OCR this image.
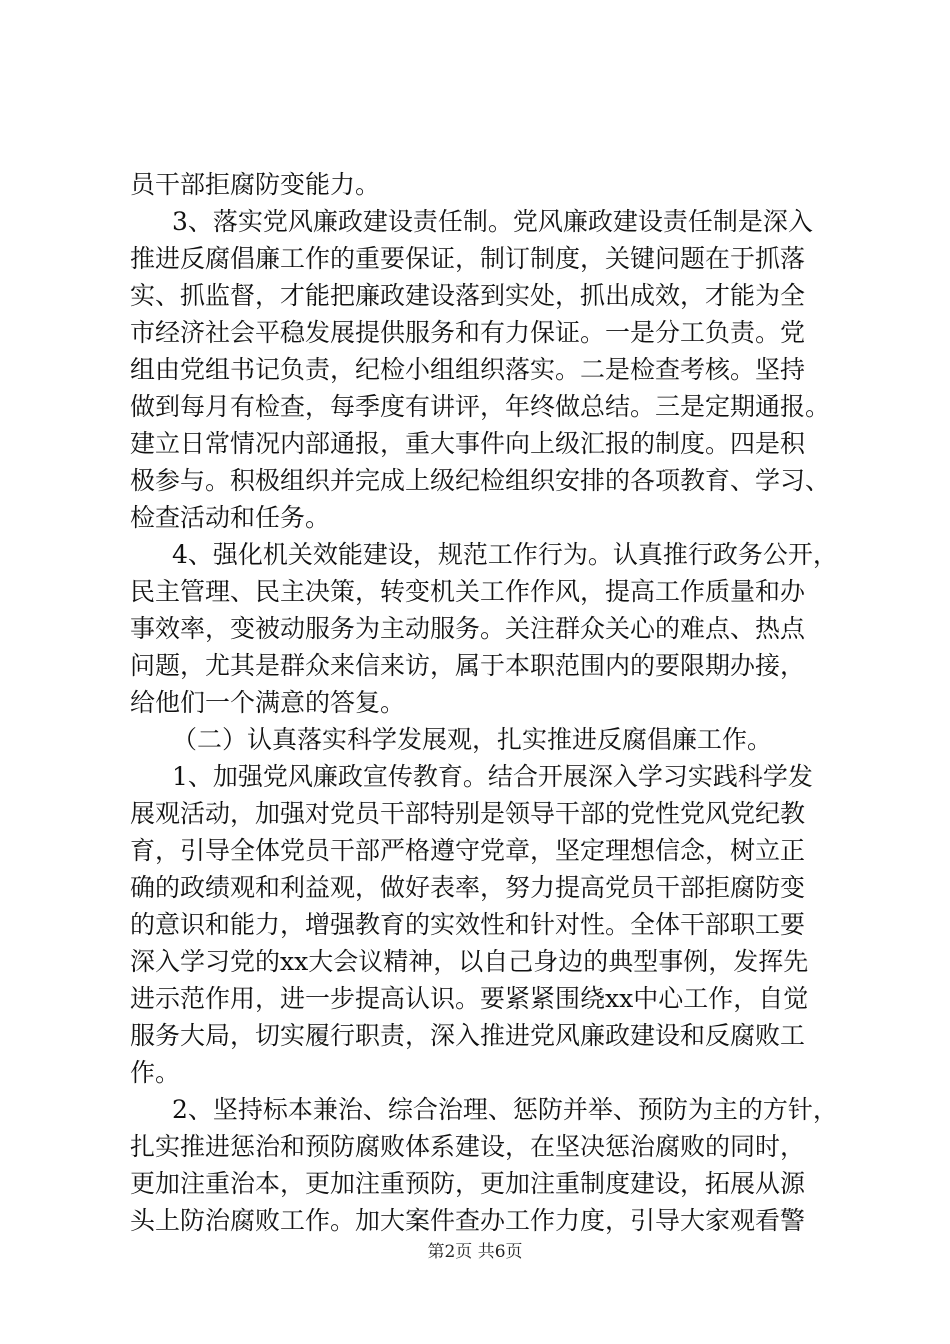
员干部拒腐防变能力。
3、落实党风廉政建设责任制。党风廉政建设责任制是深入
推进反腐倡廉工作的重要保证，制订制度，关键问题在于抓落
实、抓监督，才能把廉政建设落到实处，抓出成效，才能为全
市经济社会平稳发展提供服务和有力保证。一是分工负责。党
组由党组书记负责，纪检小组组织落实。二是检查考核。坚持
做到每月有检查，每季度有讲评，年终做总结。三是定期通报。
建立日常情况内部通报，重大事件向上级汇报的制度。四是积
极参与。积极组织并完成上级纪检组织安排的各项教育、学习、
检查活动和任务。
4、强化机关效能建设，规范工作行为。认真推行政务公开，
民主管理、民主决策，转变机关工作作风，提高工作质量和办
事效率，变被动服务为主动服务。关注群众关心的难点、热点
问题，尤其是群众来信来访，属于本职范围内的要限期办接，
给他们一个满意的答复。
（二）认真落实科学发展观，扎实推进反腐倡廉工作。
1、加强党风廉政宣传教育。结合开展深入学习实践科学发
展观活动，加强对党员干部特别是领导干部的党性党风党纪教
育，引导全体党员干部严格遵守党章，坚定理想信念，树立正
确的政绩观和利益观，做好表率，努力提高党员干部拒腐防变
的意识和能力，增强教育的实效性和针对性。全体干部职工要
深入学习党的xx大会议精神，以自己身边的典型事例，发挥先
进示范作用，进一步提高认识。要紧紧围绕xx中心工作，自觉
服务大局，切实履行职责，深入推进党风廉政建设和反腐败工
作。
2、坚持标本兼治、综合治理、惩防并举、预防为主的方针，
扎实推进惩治和预防腐败体系建设，在坚决惩治腐败的同时，
更加注重治本，更加注重预防，更加注重制度建设，拓展从源
头上防治腐败工作。加大案件查办工作力度，引导大家观看警
第2页 共6页
